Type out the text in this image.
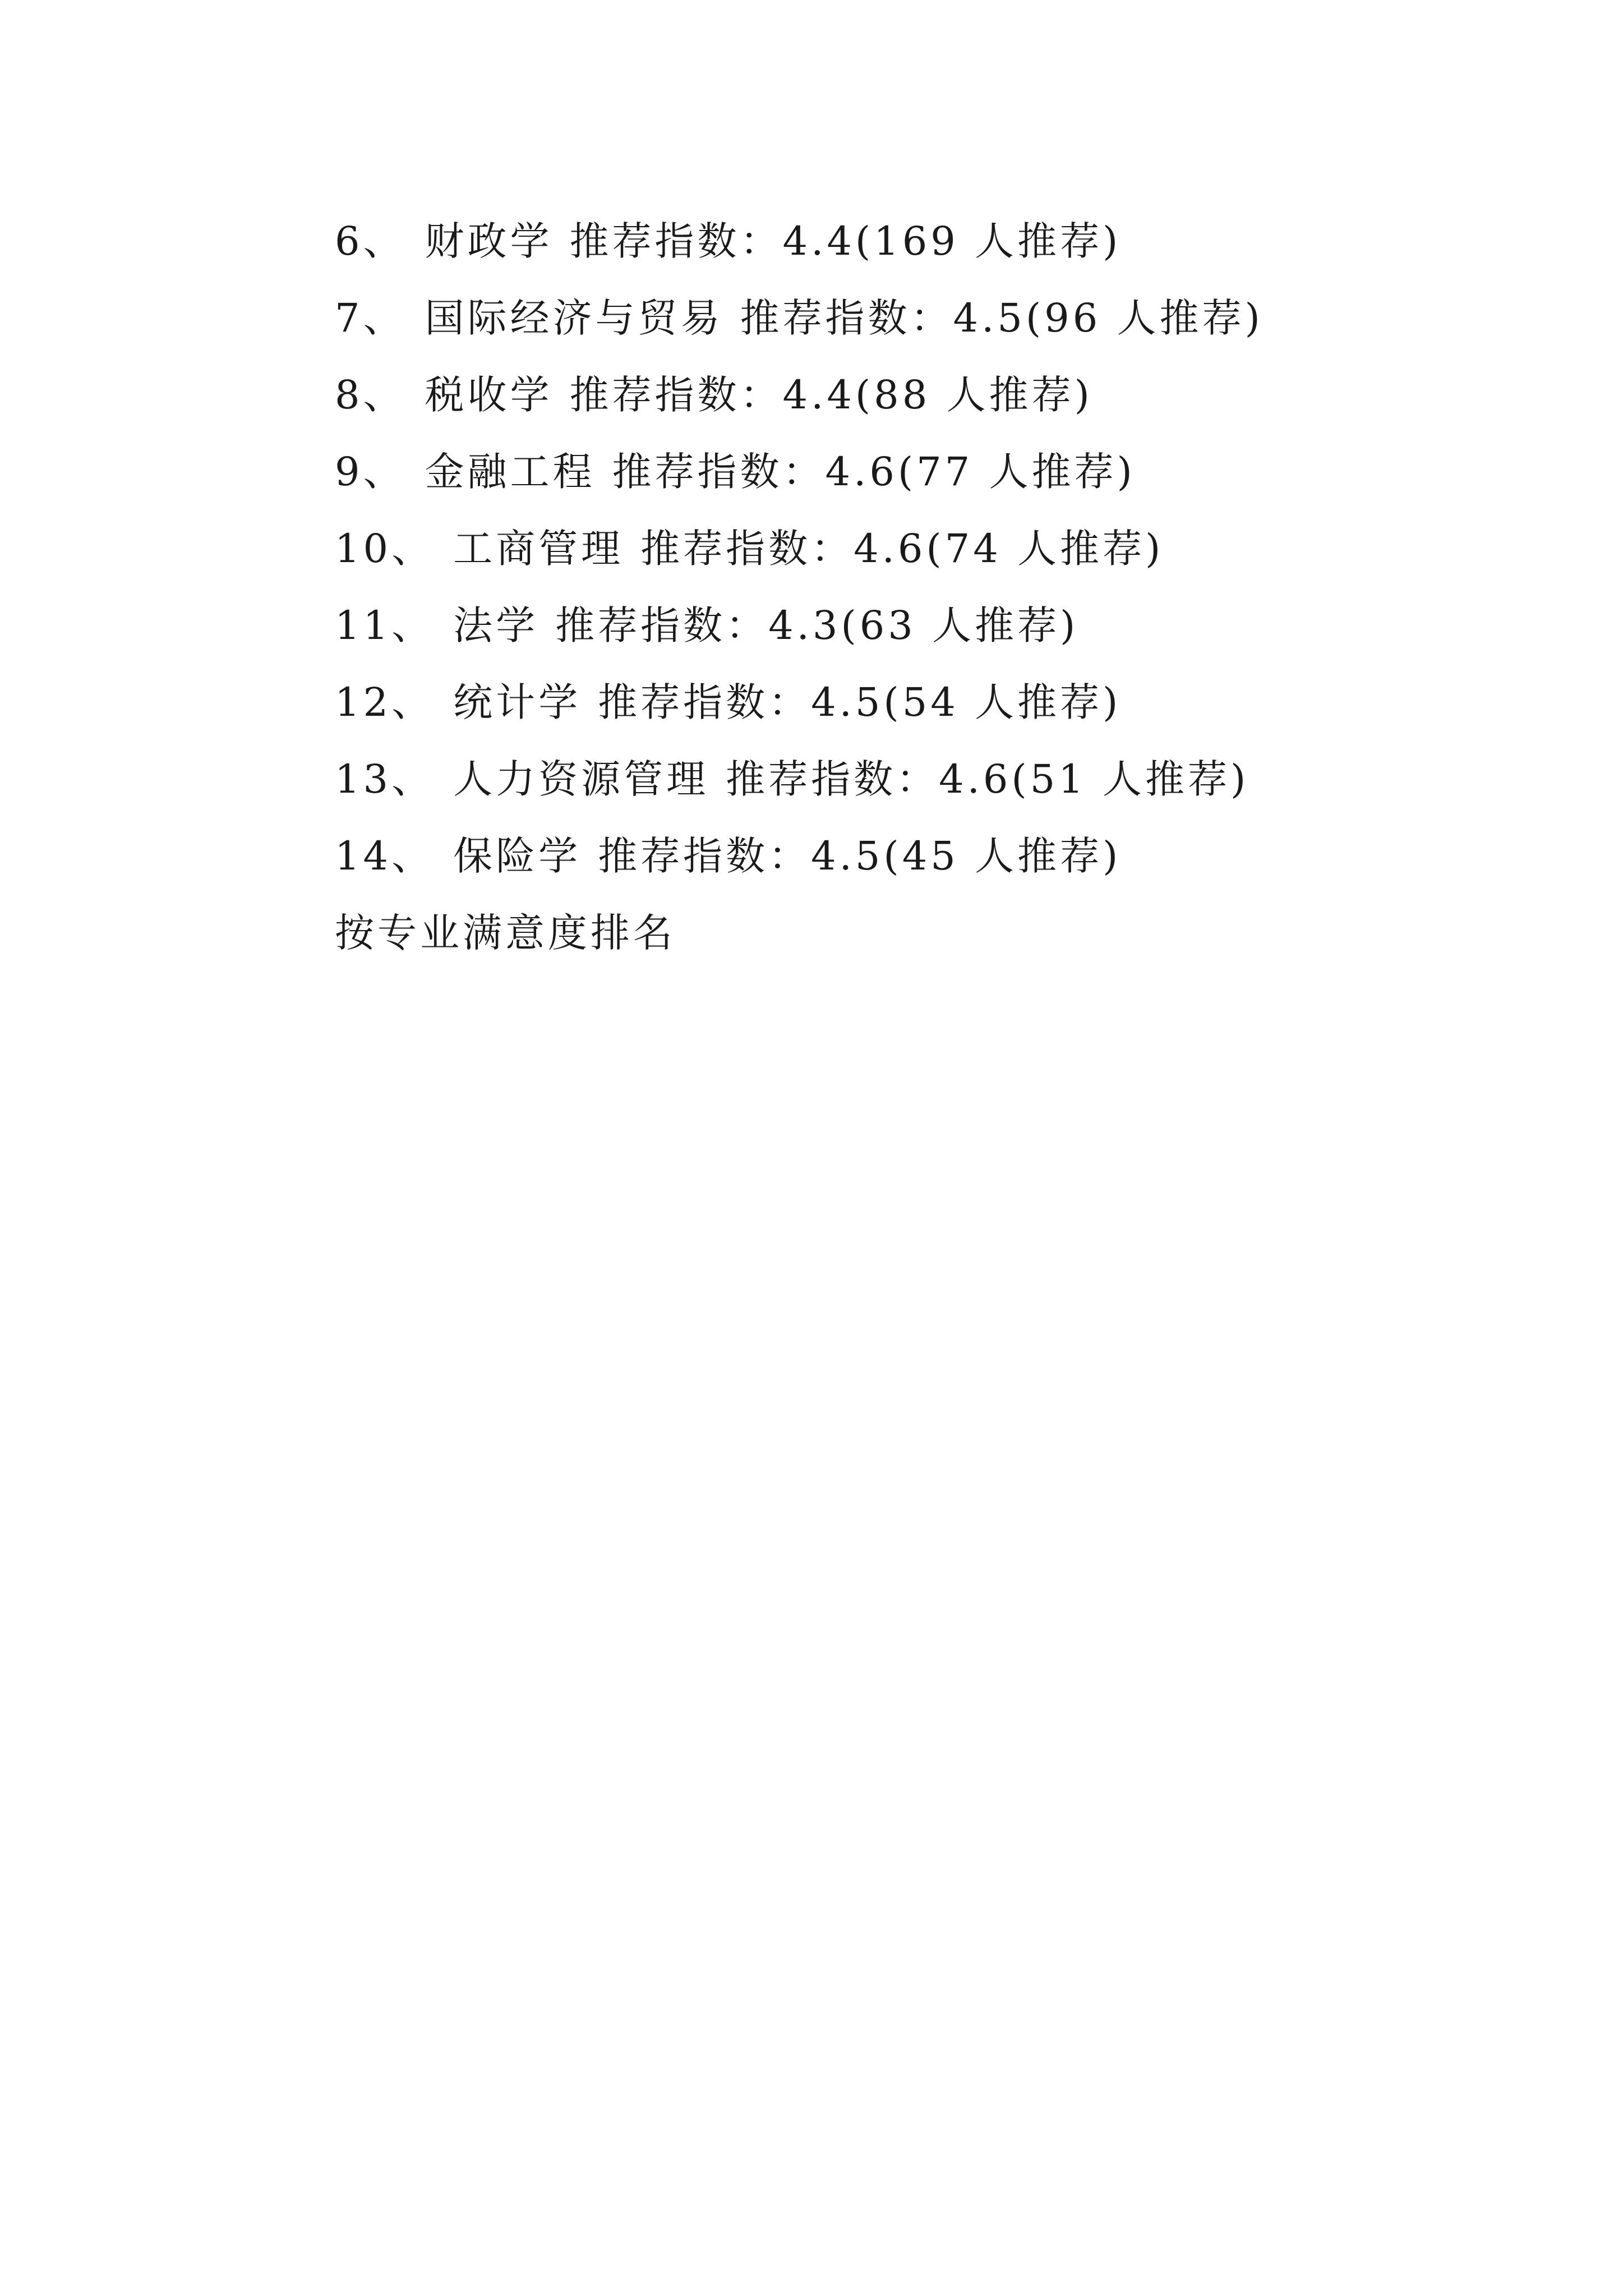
6、 财政学 推荐指数：4.4(169 人推荐)
7、 国际经济与贸易 推荐指数：4.5(96 人推荐)
8、 税收学 推荐指数：4.4(88 人推荐)
9、 金融工程 推荐指数：4.6(77 人推荐)
10、 工商管理 推荐指数：4.6(74 人推荐)
11、 法学 推荐指数：4.3(63 人推荐)
12、 统计学 推荐指数：4.5(54 人推荐)
13、 人力资源管理 推荐指数：4.6(51 人推荐)
14、 保险学 推荐指数：4.5(45 人推荐)
按专业满意度排名
